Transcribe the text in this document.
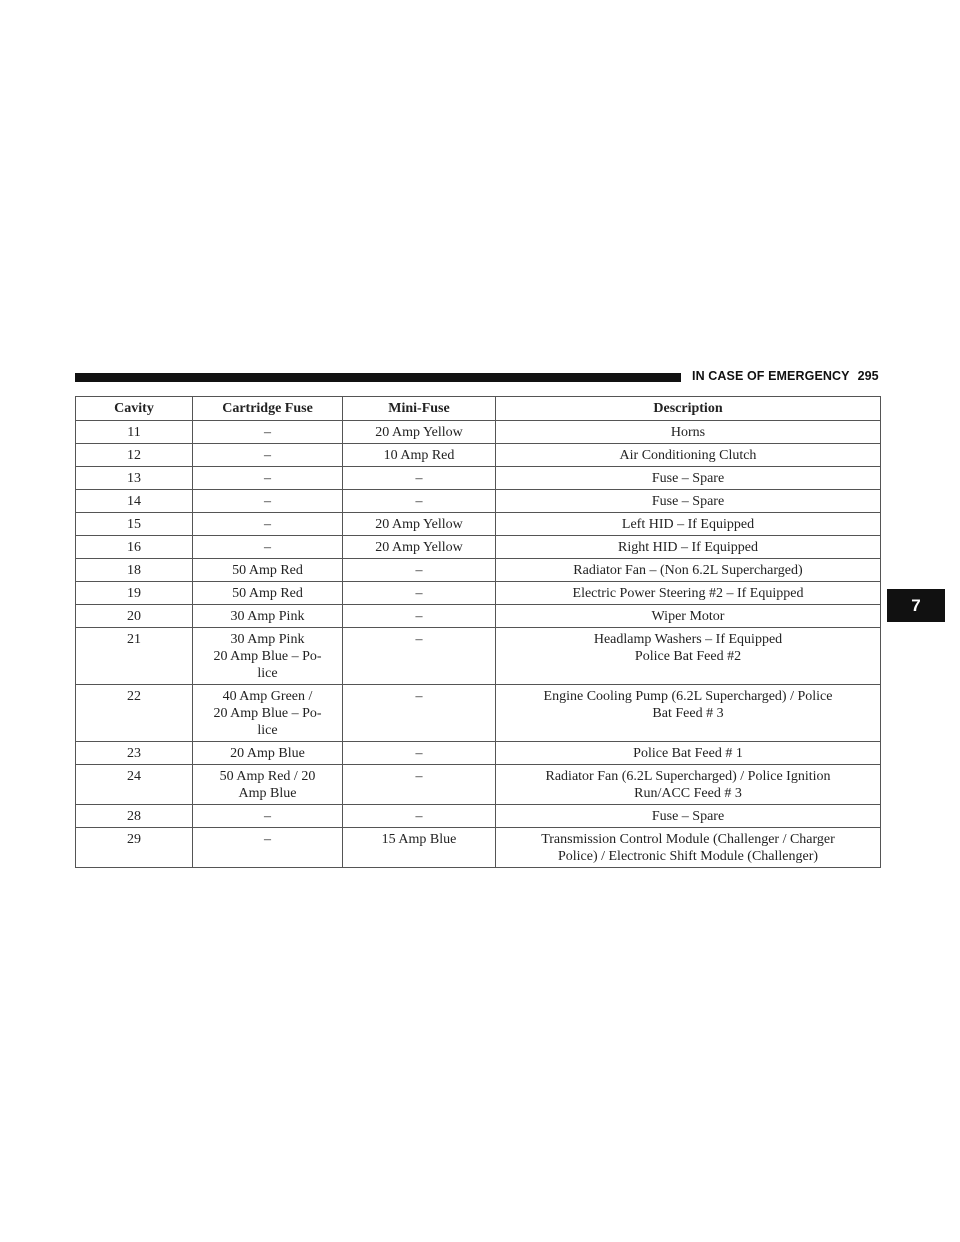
IN CASE OF EMERGENCY 295
7
Cavity	Cartridge Fuse	Mini-Fuse	Description
11	–	20 Amp Yellow	Horns
12	–	10 Amp Red	Air Conditioning Clutch
13	–	–	Fuse – Spare
14	–	–	Fuse – Spare
15	–	20 Amp Yellow	Left HID – If Equipped
16	–	20 Amp Yellow	Right HID – If Equipped
18	50 Amp Red	–	Radiator Fan – (Non 6.2L Supercharged)
19	50 Amp Red	–	Electric Power Steering #2 – If Equipped
20	30 Amp Pink	–	Wiper Motor
21	30 Amp Pink
20 Amp Blue – Po-
lice	–	Headlamp Washers – If Equipped
Police Bat Feed #2
22	40 Amp Green /
20 Amp Blue – Po-
lice	–	Engine Cooling Pump (6.2L Supercharged) / Police
Bat Feed # 3
23	20 Amp Blue	–	Police Bat Feed # 1
24	50 Amp Red / 20
Amp Blue	–	Radiator Fan (6.2L Supercharged) / Police Ignition
Run/ACC Feed # 3
28	–	–	Fuse – Spare
29	–	15 Amp Blue	Transmission Control Module (Challenger / Charger
Police) / Electronic Shift Module (Challenger)
